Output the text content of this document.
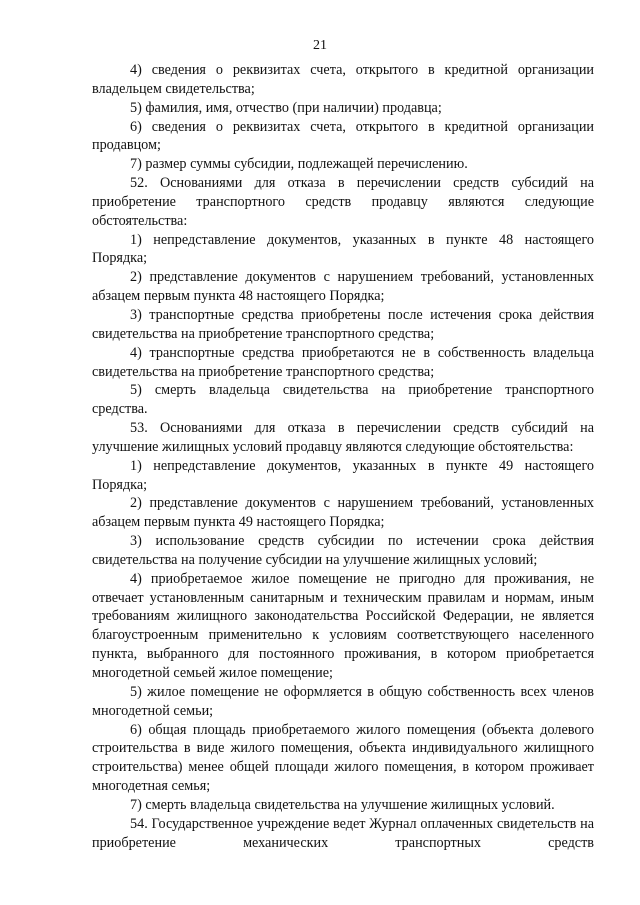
21

4) сведения о реквизитах счета, открытого в кредитной организации владельцем свидетельства;

5) фамилия, имя, отчество (при наличии) продавца;

6) сведения о реквизитах счета, открытого в кредитной организации продавцом;

7) размер суммы субсидии, подлежащей перечислению.

52. Основаниями для отказа в перечислении средств субсидий на приобретение транспортного средств продавцу являются следующие обстоятельства:

1) непредставление документов, указанных в пункте 48 настоящего Порядка;

2) представление документов с нарушением требований, установленных абзацем первым пункта 48 настоящего Порядка;

3) транспортные средства приобретены после истечения срока действия свидетельства на приобретение транспортного средства;

4) транспортные средства приобретаются не в собственность владельца свидетельства на приобретение транспортного средства;

5) смерть владельца свидетельства на приобретение транспортного средства.

53. Основаниями для отказа в перечислении средств субсидий на улучшение жилищных условий продавцу являются следующие обстоятельства:

1) непредставление документов, указанных в пункте 49 настоящего Порядка;

2) представление документов с нарушением требований, установленных абзацем первым пункта 49 настоящего Порядка;

3) использование средств субсидии по истечении срока действия свидетельства на получение субсидии на улучшение жилищных условий;

4) приобретаемое жилое помещение не пригодно для проживания, не отвечает установленным санитарным и техническим правилам и нормам, иным требованиям жилищного законодательства Российской Федерации, не является благоустроенным применительно к условиям соответствующего населенного пункта, выбранного для постоянного проживания, в котором приобретается многодетной семьей жилое помещение;

5) жилое помещение не оформляется в общую собственность всех членов многодетной семьи;

6) общая площадь приобретаемого жилого помещения (объекта долевого строительства в виде жилого помещения, объекта индивидуального жилищного строительства) менее общей площади жилого помещения, в котором проживает многодетная семья;

7) смерть владельца свидетельства на улучшение жилищных условий.

54. Государственное учреждение ведет Журнал оплаченных свидетельств на приобретение механических транспортных средств
